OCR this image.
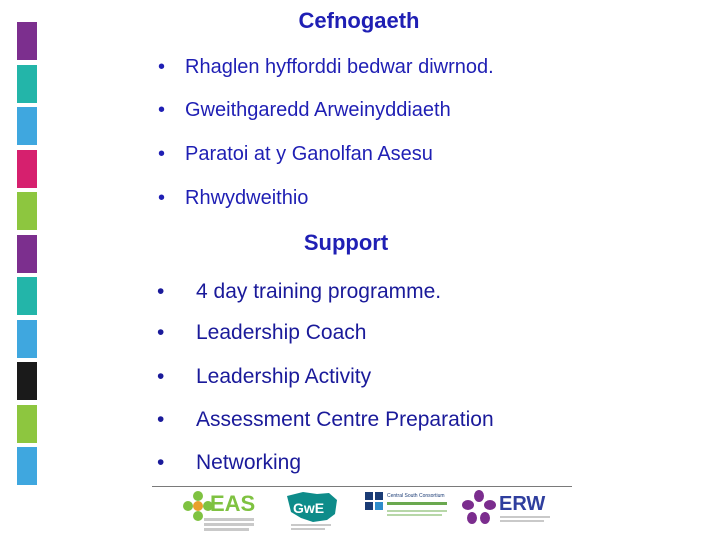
Cefnogaeth
• Rhaglen hyfforddi bedwar diwrnod.
• Gweithgaredd Arweinyddiaeth
• Paratoi at y Ganolfan Asesu
• Rhwydweithio
Support
• 4 day training programme.
• Leadership Coach
• Leadership Activity
• Assessment Centre Preparation
• Networking
EAS	GwE
Central South Consortium	ERW
